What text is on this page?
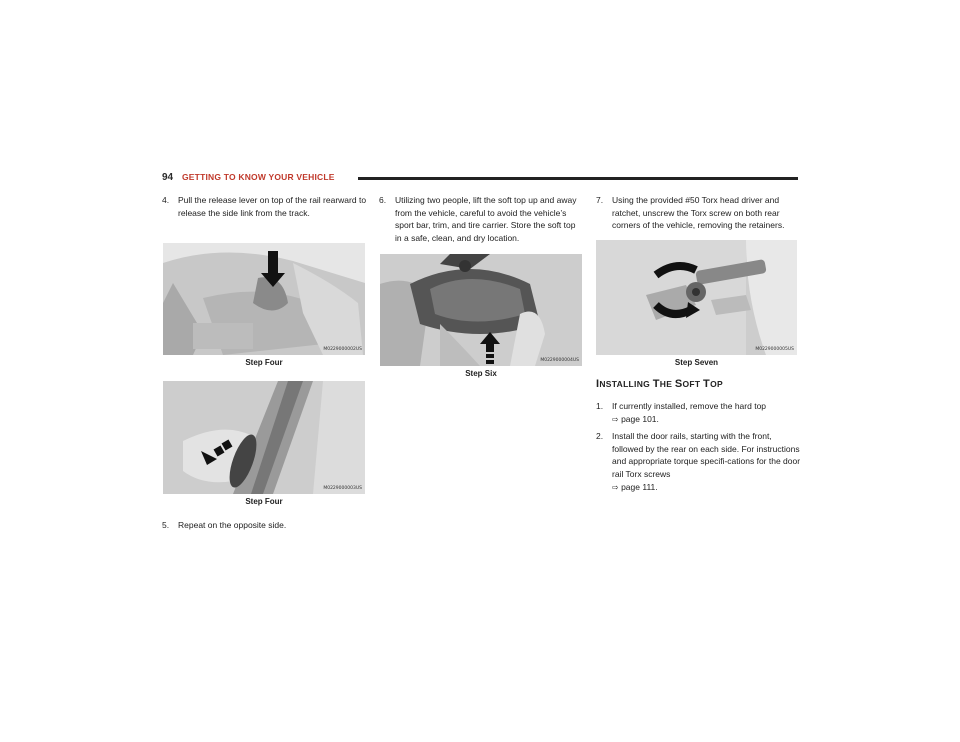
94 GETTING TO KNOW YOUR VEHICLE

4. Pull the release lever on top of the rail rearward to release the side link from the track.

M0229000002US
Step Four
M0229000003US
Step Four

5. Repeat on the opposite side.

6. Utilizing two people, lift the soft top up and away from the vehicle, careful to avoid the vehicle’s sport bar, trim, and tire carrier. Store the soft top in a safe, clean, and dry location.

M0229000004US
Step Six

7. Using the provided #50 Torx head driver and ratchet, unscrew the Torx screw on both rear corners of the vehicle, removing the retainers.

M0229000005US
Step Seven
INSTALLING THE SOFT TOP

1. If currently installed, remove the hard top
⇨ page 101.

2. Install the door rails, starting with the front, followed by the rear on each side. For instructions and appropriate torque specifi-cations for the door rail Torx screws
⇨ page 111.
